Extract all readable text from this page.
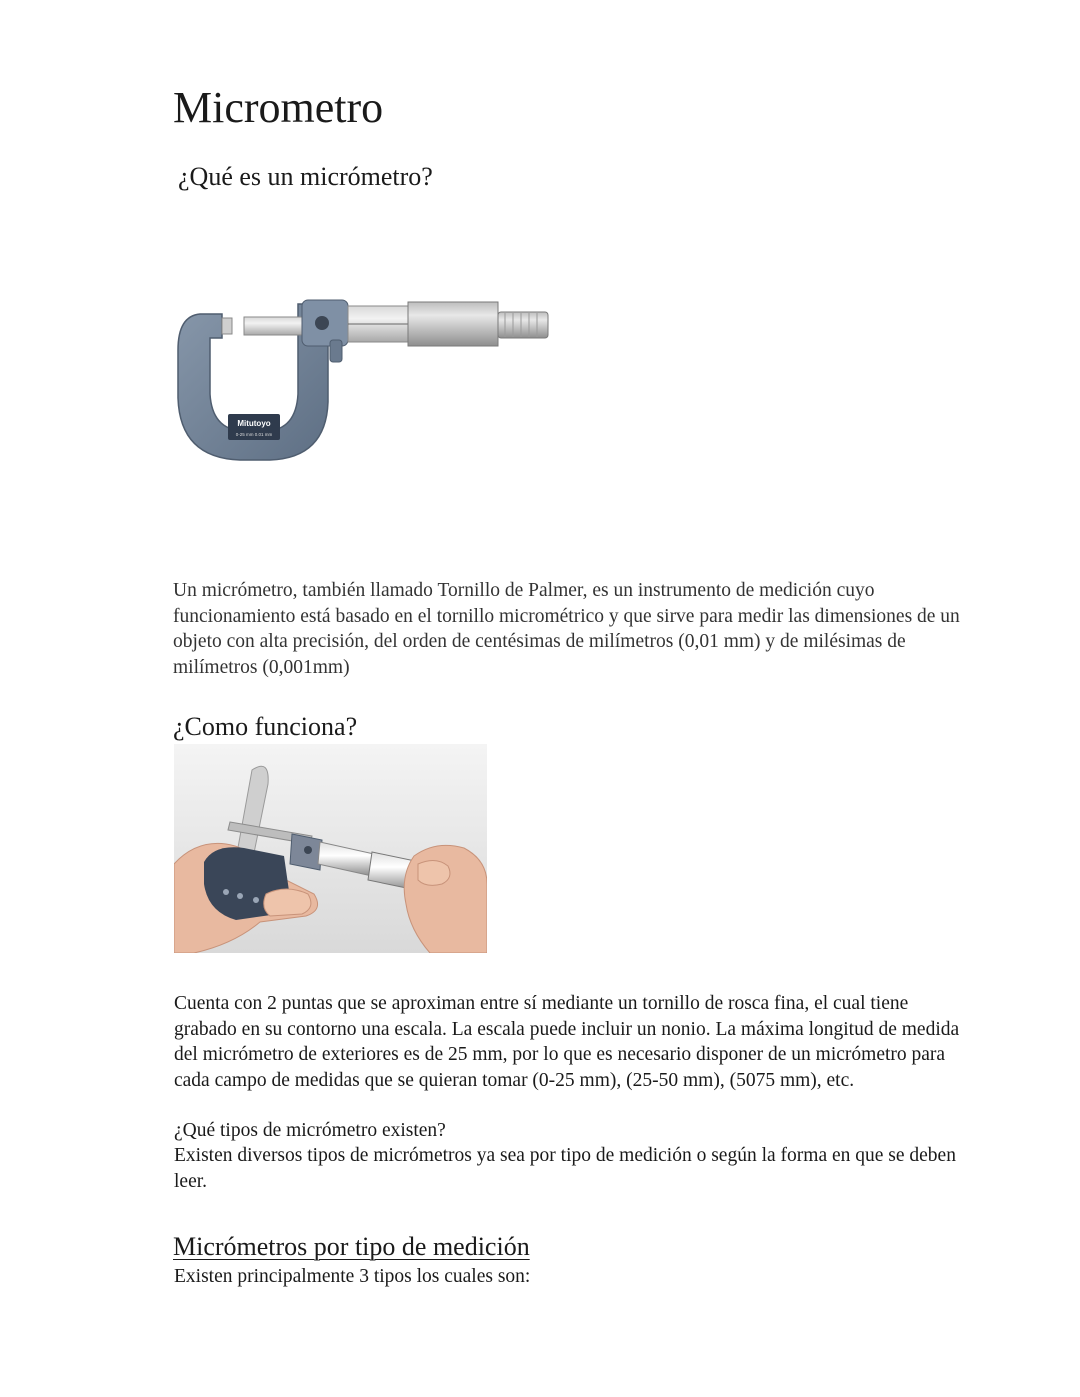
Micrometro
¿Qué es un micrómetro?
Mitutoyo
0-25 mm 0.01 mm

Un micrómetro, también llamado Tornillo de Palmer, es un instrumento de medición cuyo funcionamiento está basado en el tornillo micrométrico y que sirve para medir las dimensiones de un objeto con alta precisión, del orden de centésimas de milímetros (0,01 mm) y de milésimas de milímetros (0,001mm)

¿Como funciona?

Cuenta con 2 puntas que se aproximan entre sí mediante un tornillo de rosca fina, el cual tiene grabado en su contorno una escala. La escala puede incluir un nonio. La máxima longitud de medida del micrómetro de exteriores es de 25 mm, por lo que es necesario disponer de un micrómetro para cada campo de medidas que se quieran tomar (0-25 mm), (25-50 mm), (5075 mm), etc.

¿Qué tipos de micrómetro existen?

Existen diversos tipos de micrómetros ya sea por tipo de medición o según la forma en que se deben leer.

Micrómetros por tipo de medición

Existen principalmente 3 tipos los cuales son:
